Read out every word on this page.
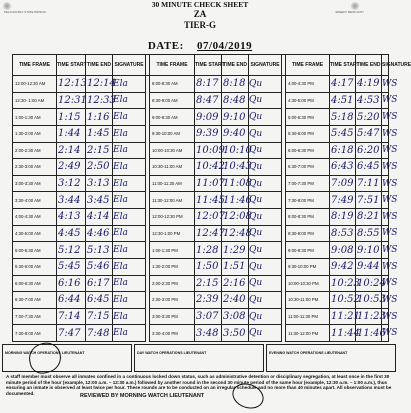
PELICAN BAY STATE PRISON	SPEEDY BEND EXIT
30 MINUTE CHECK SHEET
ZA
TIER-G
DATE: 07/04/2019
TIME FRAME	TIME START	TIME END	SIGNATURE		TIME FRAME	TIME START	TIME END	SIGNATURE		TIME FRAME	TIME START	TIME END	SIGNATURE
12:00-12:30 AM	12:13	12:14	Ela		8:00-8:30 AM	8:17	8:18	Qu		4:00-4:30 PM	4:17	4:19	WS
12:30- 1:00 AM	12:31	12:33	Ela		8:30-9:00 AM	8:47	8:48	Qu		4:30-5:00 PM	4:51	4:53	WS
1:00-1:30 AM	1:15	1:16	Ela		9:00-9:30 AM	9:09	9:10	Qu		5:00-5:30 PM	5:18	5:20	WS
1:30-2:00 AM	1:44	1:45	Ela		9:30-10:00 AM	9:39	9:40	Qu		5:30-6:00 PM	5:45	5:47	WS
2:00-2:30 AM	2:14	2:15	Ela		10:00-10:30 AM	10:09	10:10	Qu		6:00-6:30 PM	6:18	6:20	WS
2:30-3:00 AM	2:49	2:50	Ela		10:30-11:00 AM	10:42	10:43	Qu		6:30-7:00 PM	6:43	6:45	WS
3:00-3:30 AM	3:12	3:13	Ela		11:00-11:30 AM	11:07	11:08	Qu		7:00-7:30 PM	7:09	7:11	WS
3:30-4:00 AM	3:44	3:45	Ela		11:30-12:00 AM	11:45	11:46	Qu		7:30-8:00 PM	7:49	7:51	WS
4:00-4:30 AM	4:13	4:14	Ela		12:00-12:30 PM	12:07	12:08	Qu		8:00-8:30 PM	8:19	8:21	WS
4:30-5:00 AM	4:45	4:46	Ela		12:30-1:00 PM	12:47	12:48	Qu		8:30-9:00 PM	8:53	8:55	WS
5:00-5:30 AM	5:12	5:13	Ela		1:00-1:30 PM	1:28	1:29	Qu		9:00-9:30 PM	9:08	9:10	WS
5:30-6:00 AM	5:45	5:46	Ela		1:30-2:00 PM	1:50	1:51	Qu		9:30-10:00 PM	9:42	9:44	WS
6:00-6:30 AM	6:16	6:17	Ela		2:00-2:30 PM	2:15	2:16	Qu		10:00-10:30 PM	10:23	10:24	WS
6:30-7:00 AM	6:44	6:45	Ela		2:30-3:00 PM	2:39	2:40	Qu		10:30-11:00 PM	10:52	10:53	WS
7:00-7:30 AM	7:14	7:15	Ela		3:00-3:30 PM	3:07	3:08	Qu		11:00-11:30 PM	11:21	11:23	WS
7:30-8:00 AM	7:47	7:48	Ela		3:30-4:00 PM	3:48	3:50	Qu		11:30-12:00 PM	11:44	11:46	WS
MORNING WATCH OPERATIONS LIEUTENANT	DAY WATCH OPERATIONS LIEUTENANT	EVENING WATCH OPERATIONS LIEUTENANT
A staff member must observe all inmates confined in a continuous locked down status, such as administrative detention or disciplinary segregation, at least once in the first 30 minute period of the hour (example, 12:00 a.m. – 12:30 a.m.) followed by another round in the second 30 minute period of the same hour (example, 12:30 a.m. – 1:00 a.m.), thus ensuring an inmate is observed at least twice per hour. These rounds are to be conducted on an irregular schedule and no more than 40 minutes apart. All observations must be documented.	REVIEWED BY MORNING WATCH LIEUTENANT
